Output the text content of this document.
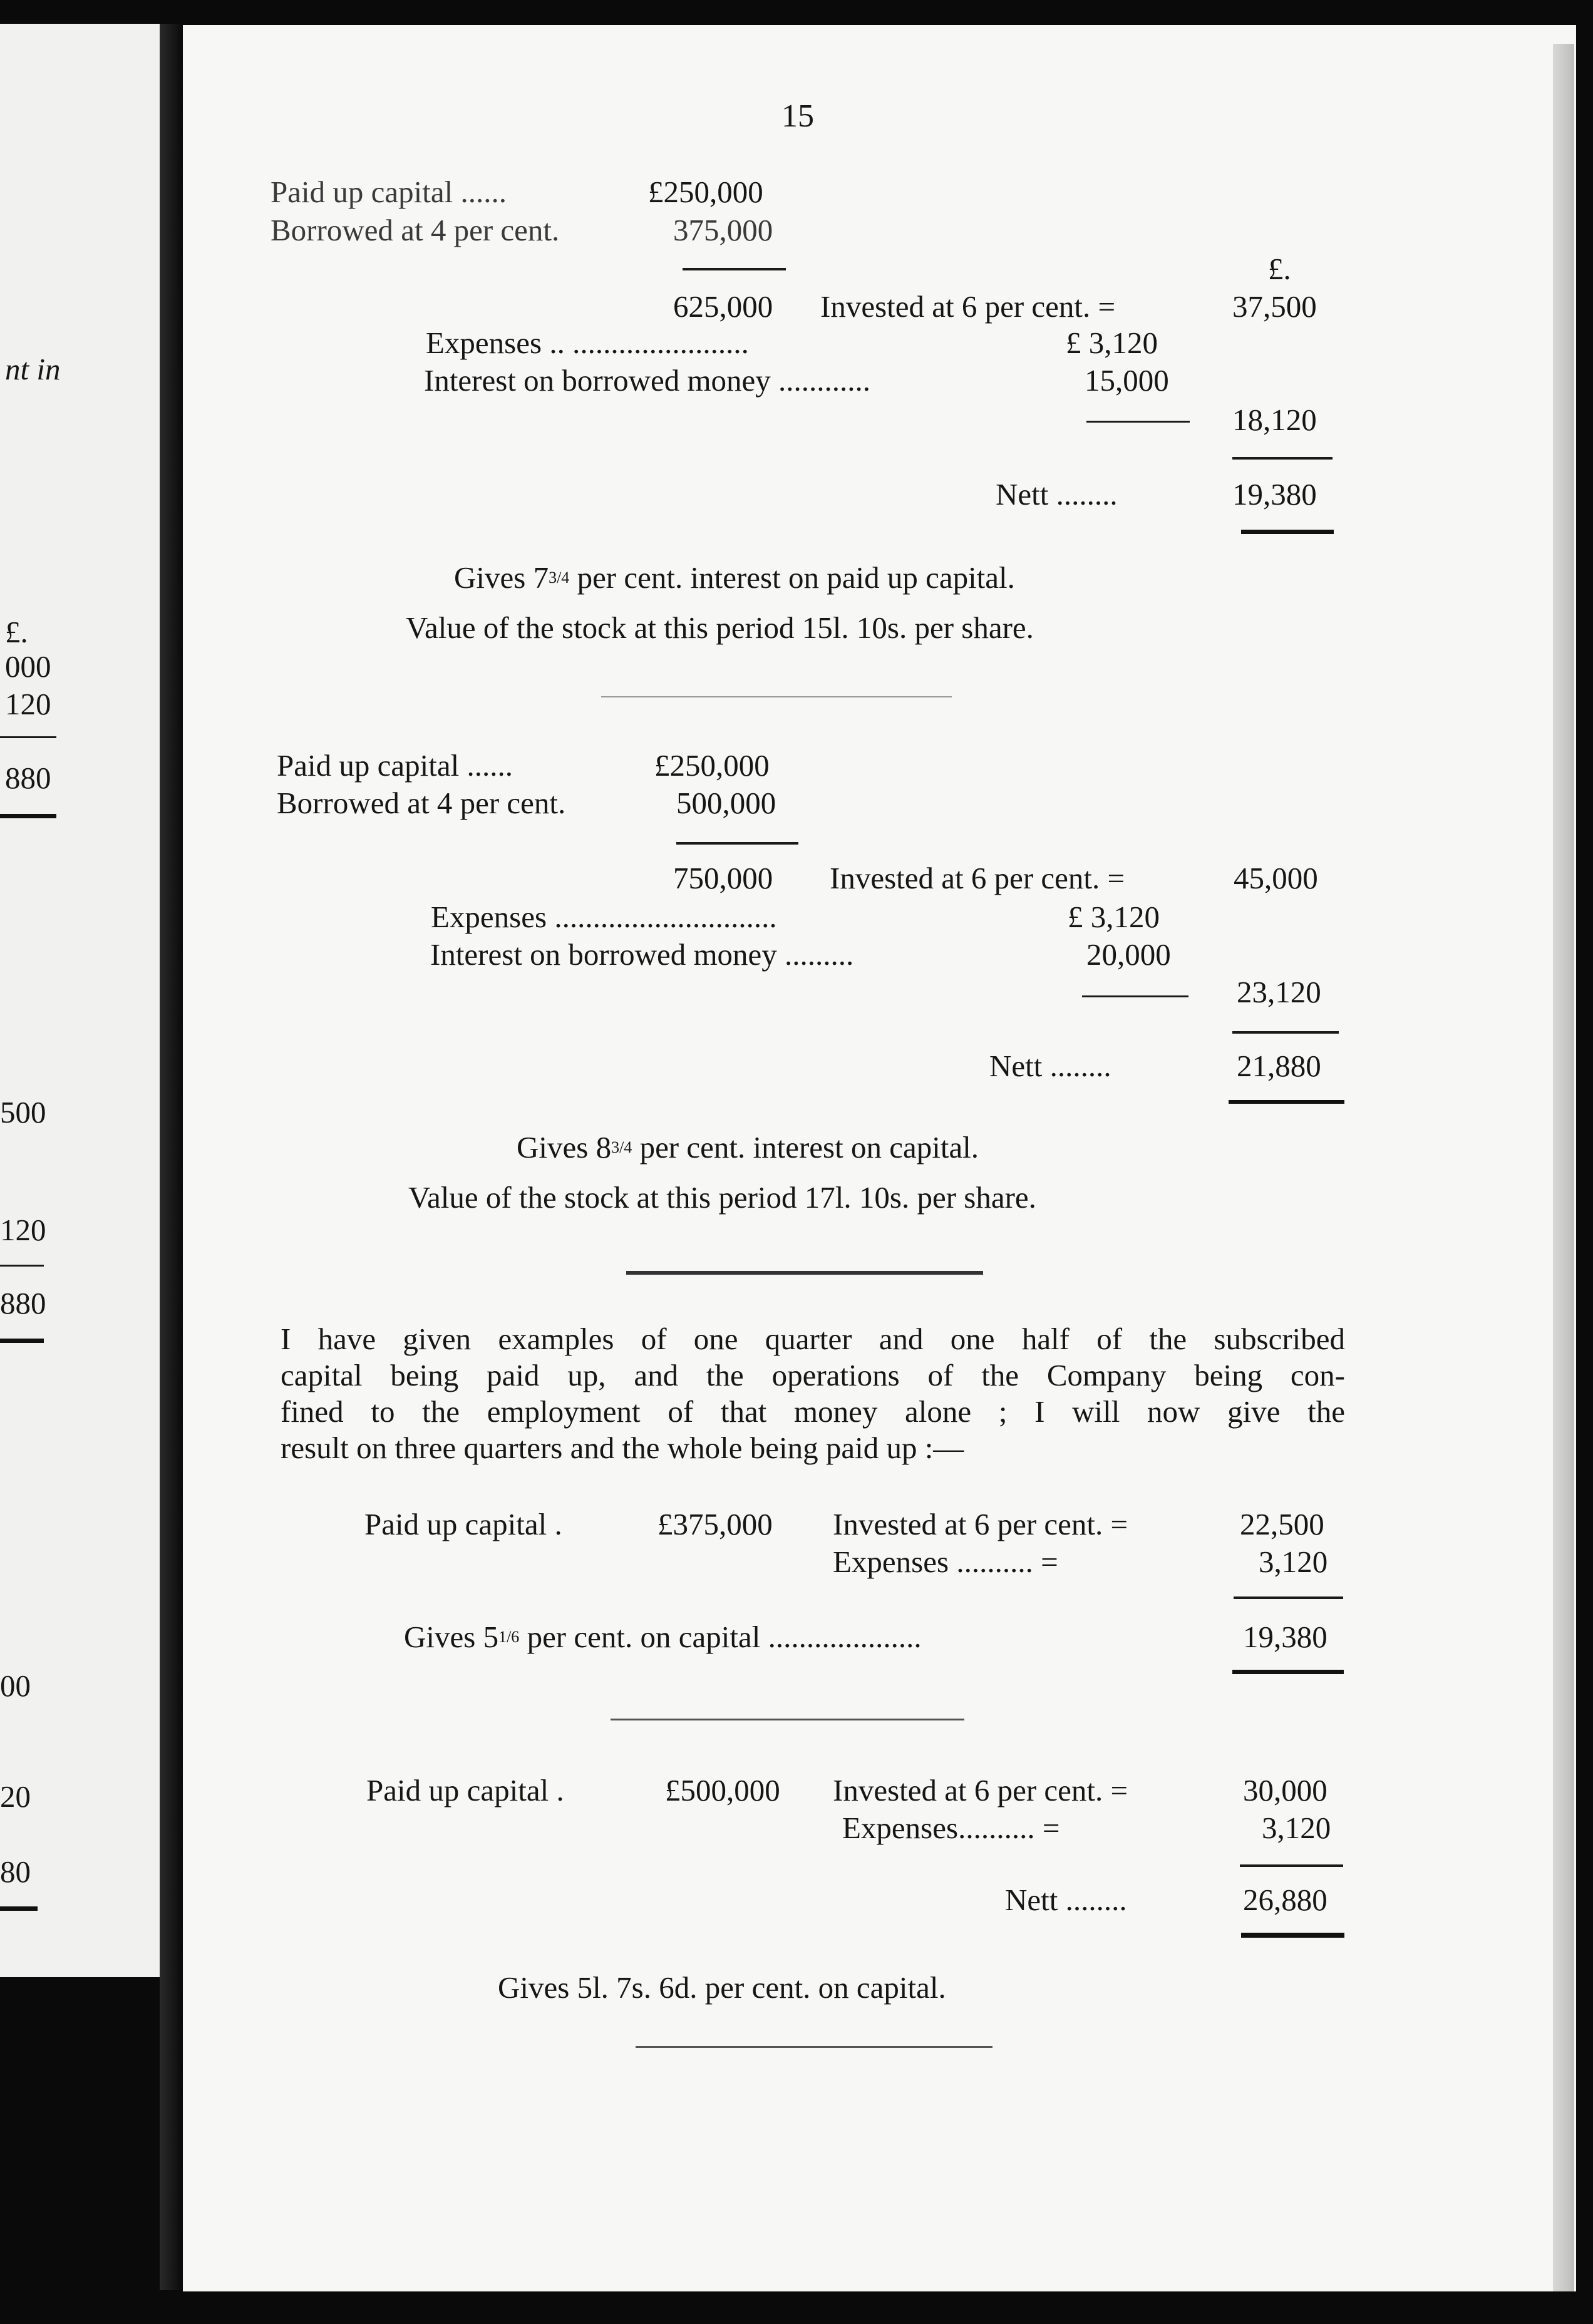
nt in
£.
000
120
880
500
120
880
00
20
80
15
Paid up capital ......	£250,000
Borrowed at 4 per cent.	375,000
£.
625,000 Invested at 6 per cent. =	37,500
Expenses .. .......................	£ 3,120
Interest on borrowed money ............	15,000
18,120
Nett ........	19,380
Gives 73/4 per cent. interest on paid up capital.
Value of the stock at this period 15l. 10s. per share.
Paid up capital ......	£250,000
Borrowed at 4 per cent.	500,000
750,000 Invested at 6 per cent. =	45,000
Expenses .............................	£ 3,120
Interest on borrowed money .........	20,000
23,120
Nett ........	21,880
Gives 83/4 per cent. interest on capital.
Value of the stock at this period 17l. 10s. per share.
I have given examples of one quarter and one half of the subscribed
capital being paid up, and the operations of the Company being con-
fined to the employment of that money alone ; I will now give the
result on three quarters and the whole being paid up :—
Paid up capital .	£375,000 Invested at 6 per cent. =	22,500
Expenses .......... =	3,120
Gives 51/6 per cent. on capital ....................	19,380
Paid up capital .	£500,000 Invested at 6 per cent. =	30,000
Expenses.......... =	3,120
Nett ........	26,880
Gives 5l. 7s. 6d. per cent. on capital.
